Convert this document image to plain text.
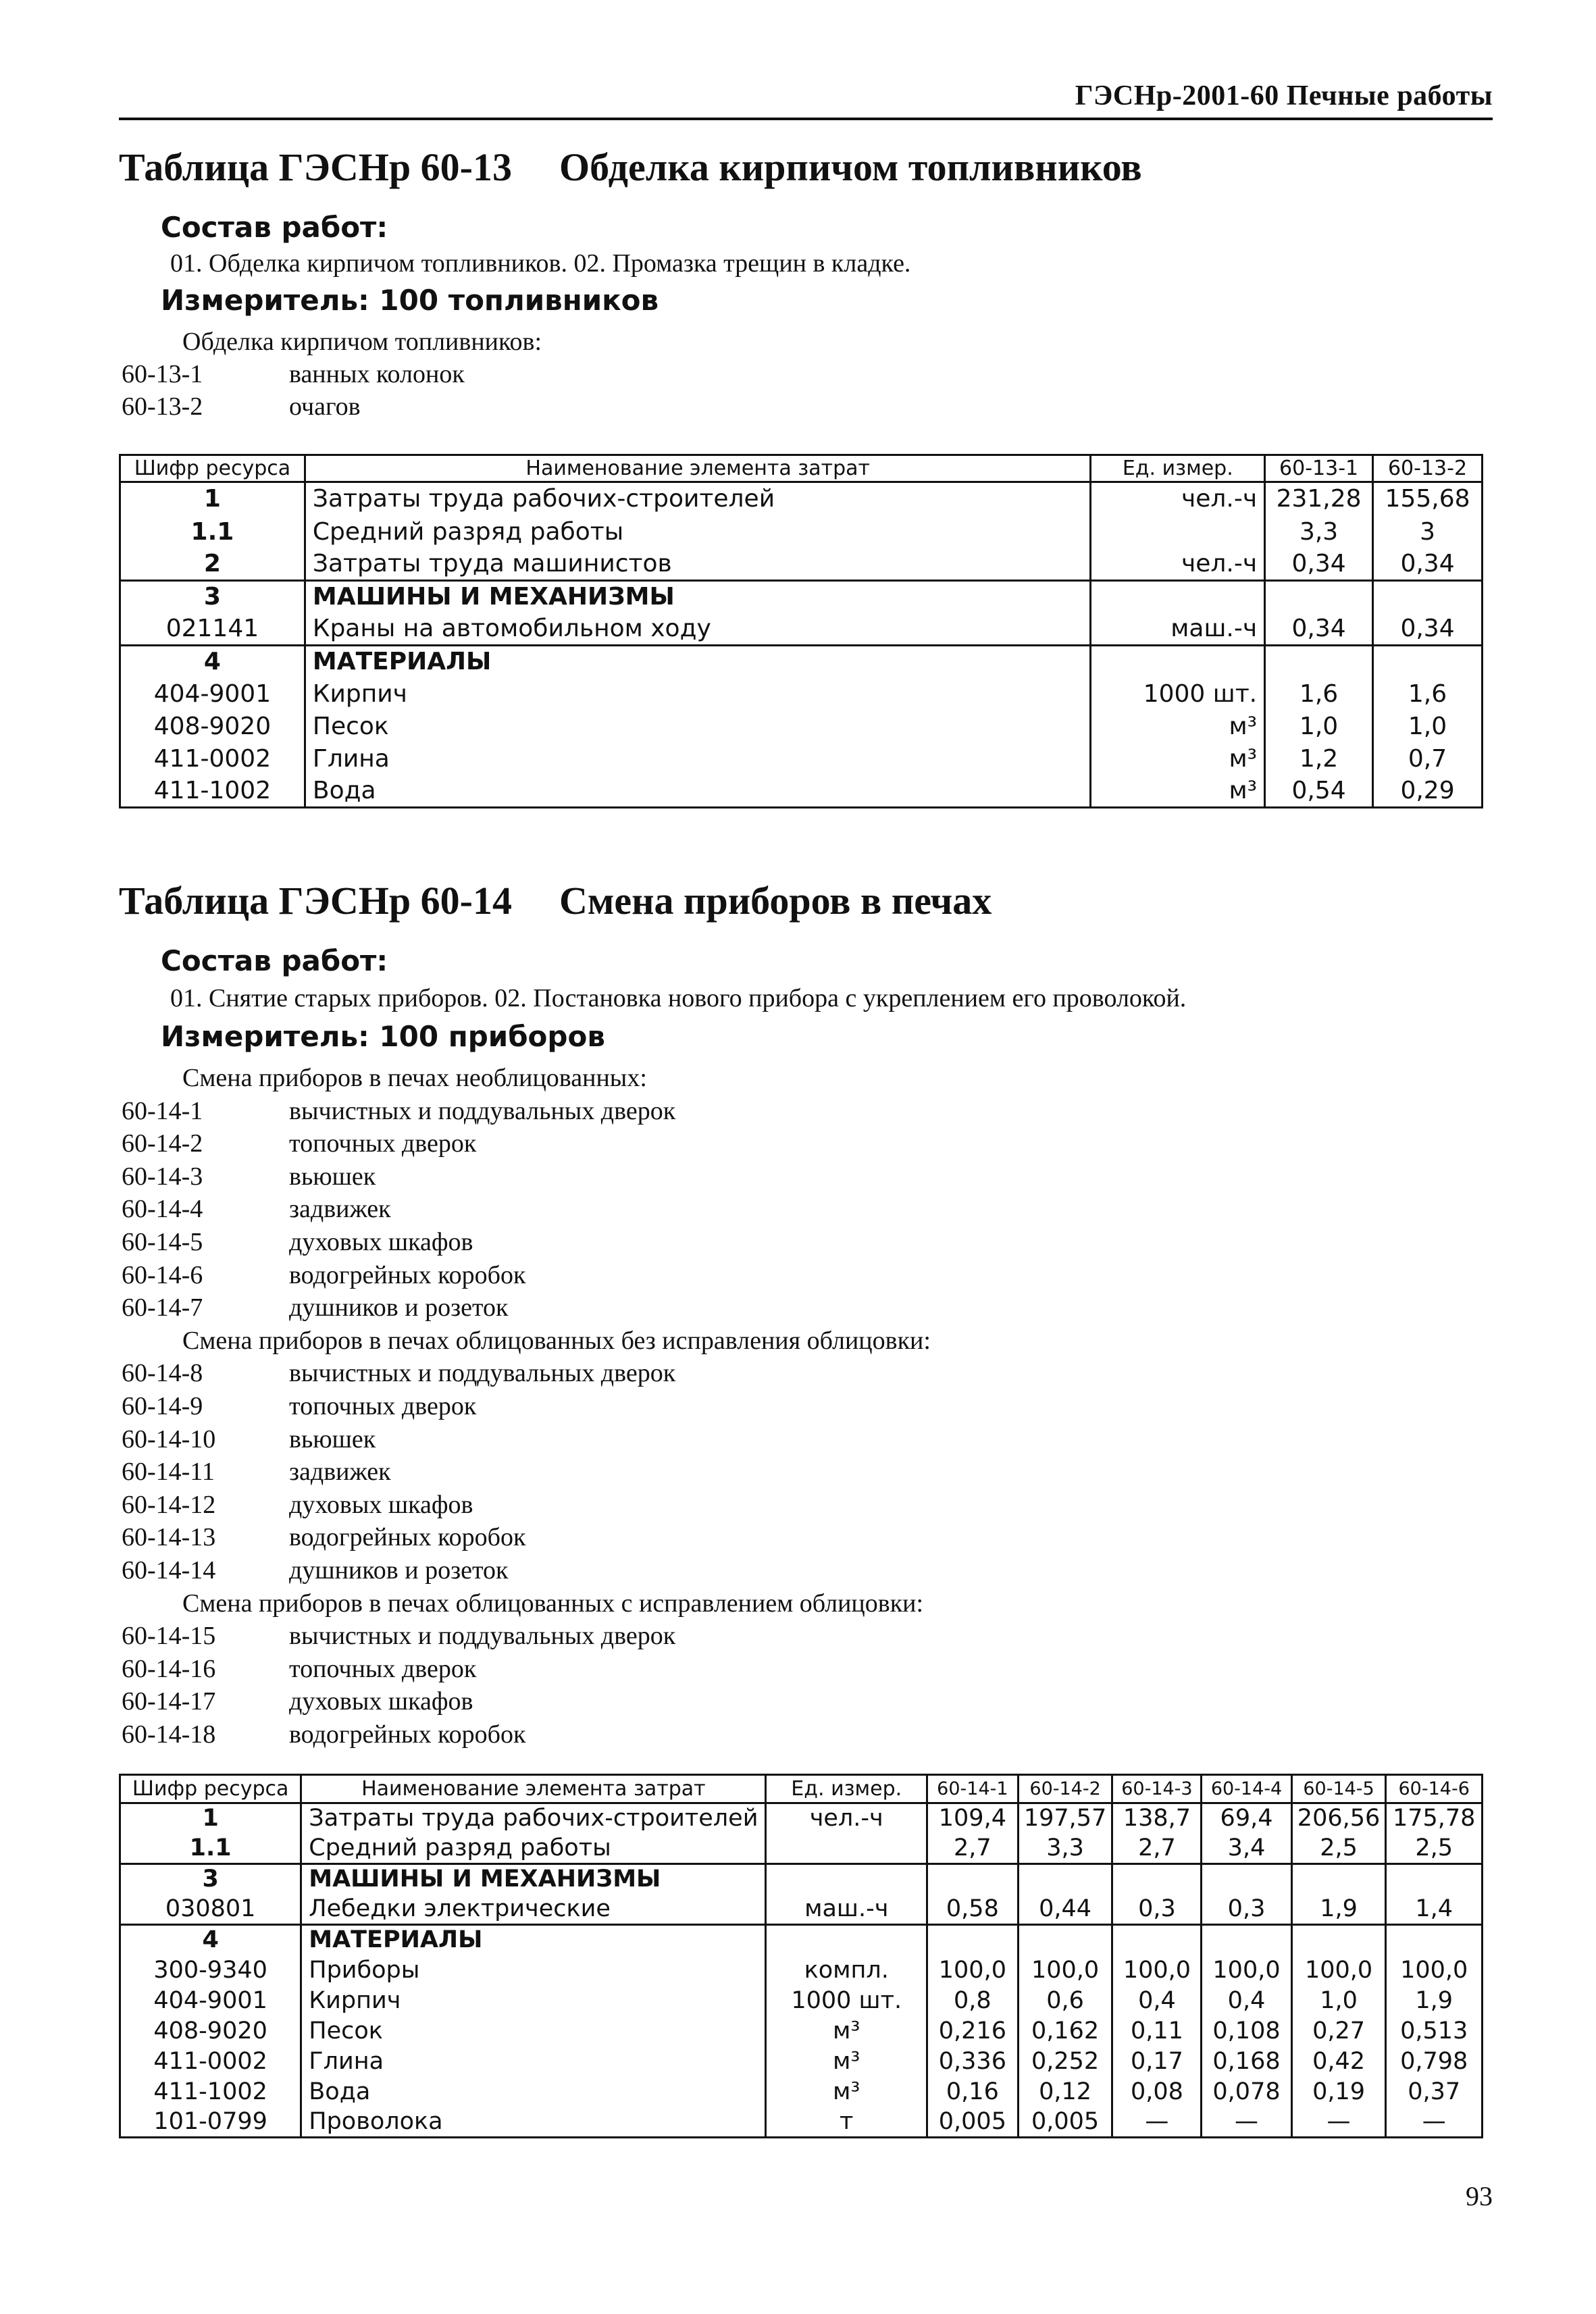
ГЭСНр-2001-60 Печные работы
Таблица ГЭСНр 60-13 Обделка кирпичом топливников
Состав работ:
01. Обделка кирпичом топливников. 02. Промазка трещин в кладке.
Измеритель: 100 топливников
Обделка кирпичом топливников:
60-13-1	ванных колонок
60-13-2	очагов
Шифр ресурса	Наименование элемента затрат	Ед. измер.	60-13-1	60-13-2
1	Затраты труда рабочих-строителей	чел.-ч	231,28	155,68
1.1	Средний разряд работы		3,3	3
2	Затраты труда машинистов	чел.-ч	0,34	0,34
3	МАШИНЫ И МЕХАНИЗМЫ			
021141	Краны на автомобильном ходу	маш.-ч	0,34	0,34
4	МАТЕРИАЛЫ			
404-9001	Кирпич	1000 шт.	1,6	1,6
408-9020	Песок	м³	1,0	1,0
411-0002	Глина	м³	1,2	0,7
411-1002	Вода	м³	0,54	0,29
Таблица ГЭСНр 60-14 Смена приборов в печах
Состав работ:
01. Снятие старых приборов. 02. Постановка нового прибора с укреплением его проволокой.
Измеритель: 100 приборов
Смена приборов в печах необлицованных:
60-14-1	вычистных и поддувальных дверок
60-14-2	топочных дверок
60-14-3	вьюшек
60-14-4	задвижек
60-14-5	духовых шкафов
60-14-6	водогрейных коробок
60-14-7	душников и розеток
Смена приборов в печах облицованных без исправления облицовки:
60-14-8	вычистных и поддувальных дверок
60-14-9	топочных дверок
60-14-10	вьюшек
60-14-11	задвижек
60-14-12	духовых шкафов
60-14-13	водогрейных коробок
60-14-14	душников и розеток
Смена приборов в печах облицованных с исправлением облицовки:
60-14-15	вычистных и поддувальных дверок
60-14-16	топочных дверок
60-14-17	духовых шкафов
60-14-18	водогрейных коробок
Шифр ресурса	Наименование элемента затрат	Ед. измер.	60-14-1	60-14-2	60-14-3	60-14-4	60-14-5	60-14-6
1	Затраты труда рабочих-строителей	чел.-ч	109,4	197,57	138,7	69,4	206,56	175,78
1.1	Средний разряд работы		2,7	3,3	2,7	3,4	2,5	2,5
3	МАШИНЫ И МЕХАНИЗМЫ							
030801	Лебедки электрические	маш.-ч	0,58	0,44	0,3	0,3	1,9	1,4
4	МАТЕРИАЛЫ							
300-9340	Приборы	компл.	100,0	100,0	100,0	100,0	100,0	100,0
404-9001	Кирпич	1000 шт.	0,8	0,6	0,4	0,4	1,0	1,9
408-9020	Песок	м³	0,216	0,162	0,11	0,108	0,27	0,513
411-0002	Глина	м³	0,336	0,252	0,17	0,168	0,42	0,798
411-1002	Вода	м³	0,16	0,12	0,08	0,078	0,19	0,37
101-0799	Проволока	т	0,005	0,005	—	—	—	—
93
